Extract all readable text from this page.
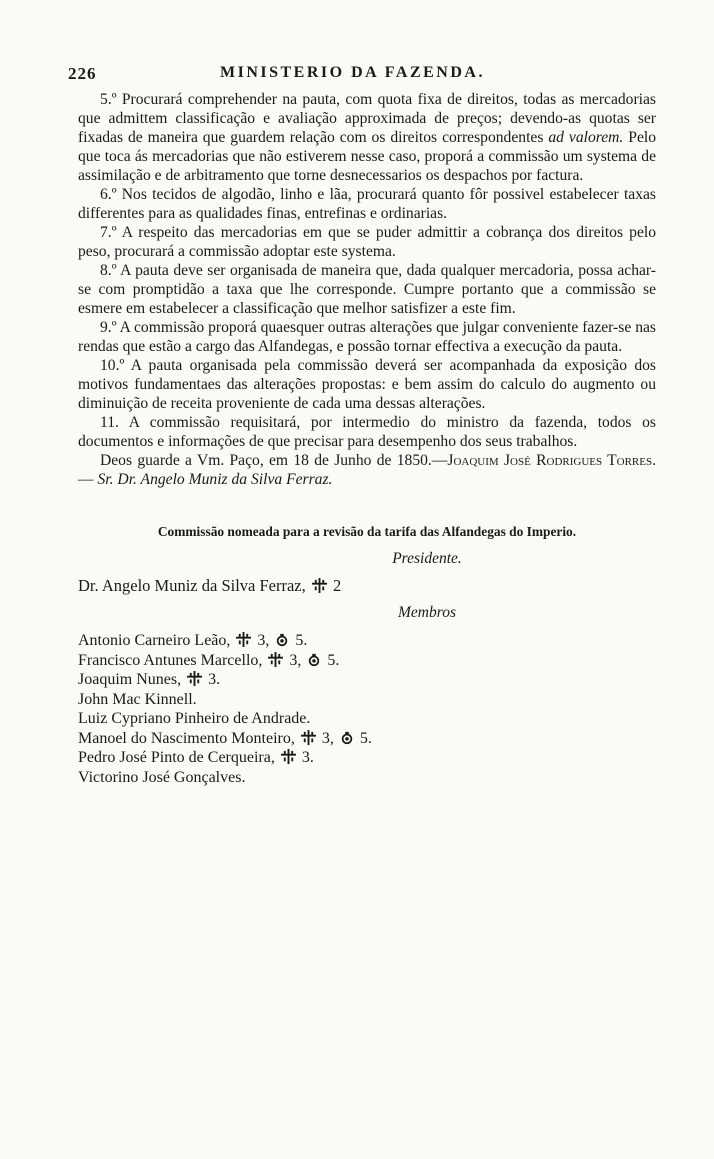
226	MINISTERIO DA FAZENDA.

5.º Procurará comprehender na pauta, com quota fixa de direitos, todas as mercadorias que admittem classificação e avaliação approximada de preços; devendo-as quotas ser fixadas de maneira que guardem relação com os direitos correspondentes ad valorem. Pelo que toca ás mercadorias que não estiverem nesse caso, proporá a commissão um systema de assimilação e de arbitramento que torne desnecessarios os despachos por factura.

6.º Nos tecidos de algodão, linho e lãa, procurará quanto fôr possivel estabelecer taxas differentes para as qualidades finas, entrefinas e ordinarias.

7.º A respeito das mercadorias em que se puder admittir a cobrança dos direitos pelo peso, procurará a commissão adoptar este systema.

8.º A pauta deve ser organisada de maneira que, dada qualquer mercadoria, possa achar-se com promptidão a taxa que lhe corresponde. Cumpre portanto que a commissão se esmere em estabelecer a classificação que melhor satisfizer a este fim.

9.º A commissão proporá quaesquer outras alterações que julgar conveniente fazer-se nas rendas que estão a cargo das Alfandegas, e possão tornar effectiva a execução da pauta.

10.º A pauta organisada pela commissão deverá ser acompanhada da exposição dos motivos fundamentaes das alterações propostas: e bem assim do calculo do augmento ou diminuição de receita proveniente de cada uma dessas alterações.

11. A commissão requisitará, por intermedio do ministro da fazenda, todos os documentos e informações de que precisar para desempenho dos seus trabalhos.

Deos guarde a Vm. Paço, em 18 de Junho de 1850.—Joaquim José Rodrigues Torres. — Sr. Dr. Angelo Muniz da Silva Ferraz.

Commissão nomeada para a revisão da tarifa das Alfandegas do Imperio.
Presidente.
Dr. Angelo Muniz da Silva Ferraz, 2
Membros
Antonio Carneiro Leão, 3, 5.
Francisco Antunes Marcello, 3, 5.
Joaquim Nunes, 3.
John Mac Kinnell.
Luiz Cypriano Pinheiro de Andrade.
Manoel do Nascimento Monteiro, 3, 5.
Pedro José Pinto de Cerqueira, 3.
Victorino José Gonçalves.
